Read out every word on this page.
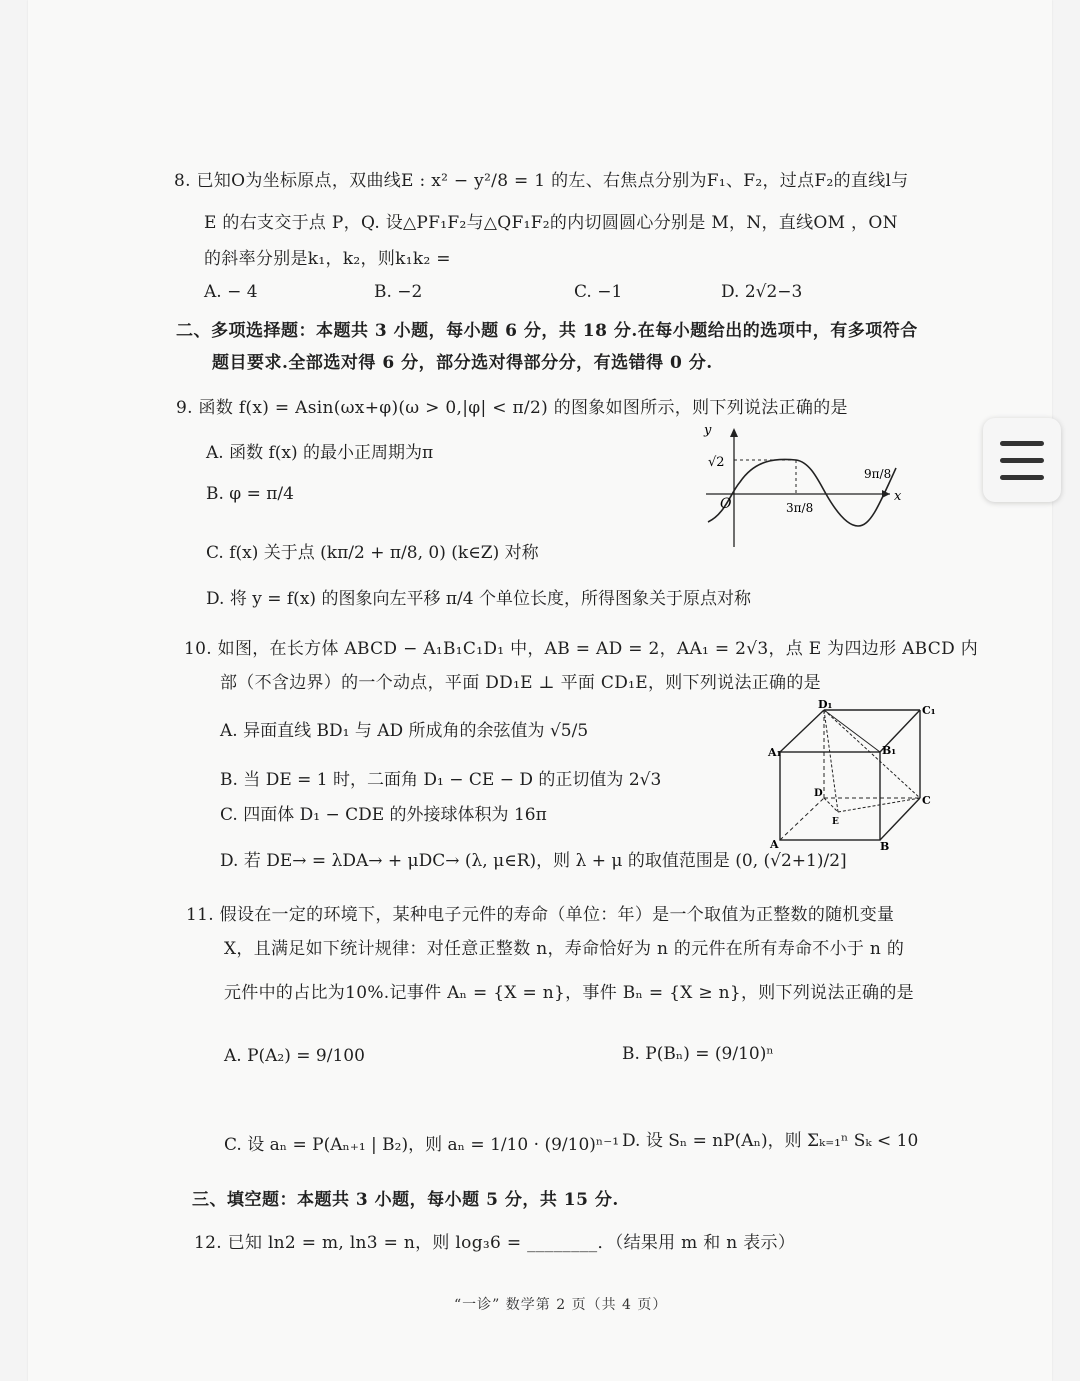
8. 已知O为坐标原点，双曲线E : x² − y²/8 = 1 的左、右焦点分别为F₁、F₂，过点F₂的直线l与
E 的右支交于点 P，Q. 设△PF₁F₂与△QF₁F₂的内切圆圆心分别是 M，N，直线OM ，ON
的斜率分别是k₁，k₂，则k₁k₂ =
A. − 4	B. −2	C. −1	D. 2√2−3
二、多项选择题：本题共 3 小题，每小题 6 分，共 18 分.在每小题给出的选项中，有多项符合
题目要求.全部选对得 6 分，部分选对得部分分，有选错得 0 分.
9. 函数 f(x) = Asin(ωx+φ)(ω > 0,|φ| < π/2) 的图象如图所示，则下列说法正确的是
A. 函数 f(x) 的最小正周期为π
B. φ = π/4
C. f(x) 关于点 (kπ/2 + π/8, 0) (k∈Z) 对称
D. 将 y = f(x) 的图象向左平移 π/4 个单位长度，所得图象关于原点对称
y
x
O
√2
3π/8
9π/8
10. 如图，在长方体 ABCD − A₁B₁C₁D₁ 中，AB = AD = 2，AA₁ = 2√3，点 E 为四边形 ABCD 内
部（不含边界）的一个动点，平面 DD₁E ⊥ 平面 CD₁E，则下列说法正确的是
A. 异面直线 BD₁ 与 AD 所成角的余弦值为 √5/5
B. 当 DE = 1 时，二面角 D₁ − CE − D 的正切值为 2√3
C. 四面体 D₁ − CDE 的外接球体积为 16π
D. 若 DE→ = λDA→ + μDC→ (λ, μ∈R)，则 λ + μ 的取值范围是 (0, (√2+1)/2]
D₁	C₁
A₁	B₁
D
C
A	B
E
11. 假设在一定的环境下，某种电子元件的寿命（单位：年）是一个取值为正整数的随机变量
X，且满足如下统计规律：对任意正整数 n，寿命恰好为 n 的元件在所有寿命不小于 n 的
元件中的占比为10%.记事件 Aₙ = {X = n}，事件 Bₙ = {X ≥ n}，则下列说法正确的是
A. P(A₂) = 9/100	B. P(Bₙ) = (9/10)ⁿ
C. 设 aₙ = P(Aₙ₊₁ | B₂)，则 aₙ = 1/10 · (9/10)ⁿ⁻¹ D. 设 Sₙ = nP(Aₙ)，则 Σₖ₌₁ⁿ Sₖ < 10
三、填空题：本题共 3 小题，每小题 5 分，共 15 分.
12. 已知 ln2 = m, ln3 = n，则 log₃6 = ________．（结果用 m 和 n 表示）
“一诊” 数学第 2 页（共 4 页）
